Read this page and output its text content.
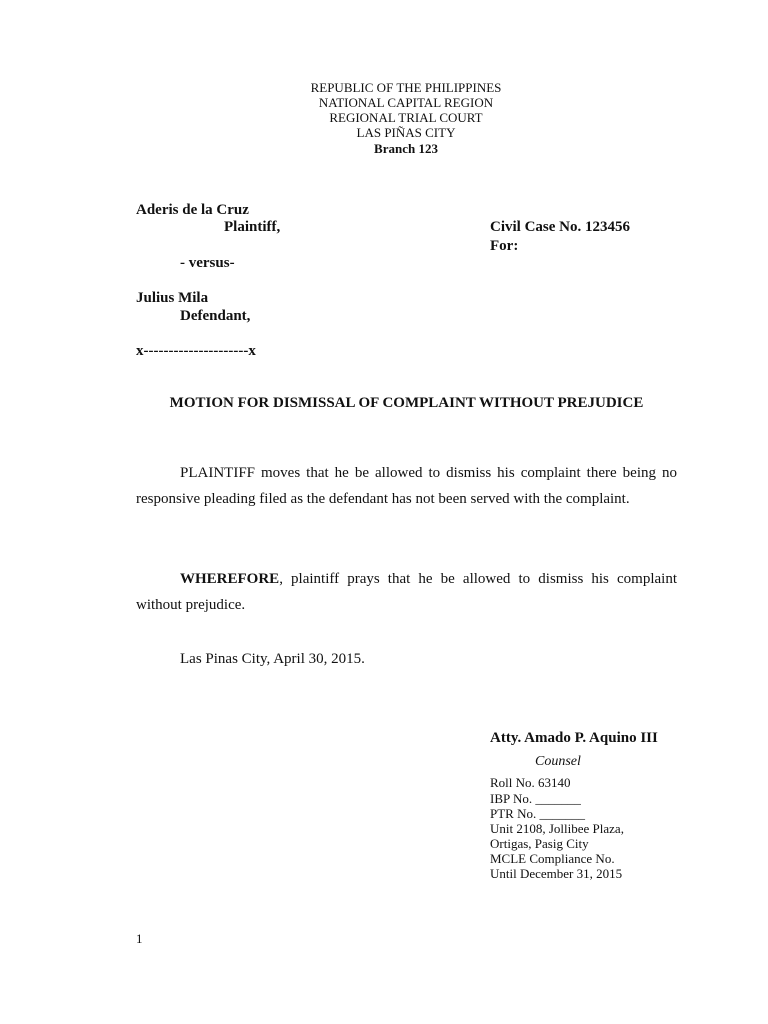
REPUBLIC OF THE PHILIPPINES
NATIONAL CAPITAL REGION
REGIONAL TRIAL COURT
LAS PIÑAS CITY
Branch 123
Aderis de la Cruz
Plaintiff,	Civil Case No. 123456
For:
- versus-
Julius Mila
Defendant,
x---------------------x
MOTION FOR DISMISSAL OF COMPLAINT WITHOUT PREJUDICE
PLAINTIFF moves that he be allowed to dismiss his complaint there being no responsive pleading filed as the defendant has not been served with the complaint.
WHEREFORE, plaintiff prays that he be allowed to dismiss his complaint without prejudice.
Las Pinas City, April 30, 2015.
Atty. Amado P. Aquino III
Counsel
Roll No. 63140
IBP No. _______
PTR No. _______
Unit 2108, Jollibee Plaza,
Ortigas, Pasig City
MCLE Compliance No.
Until December 31, 2015
1
